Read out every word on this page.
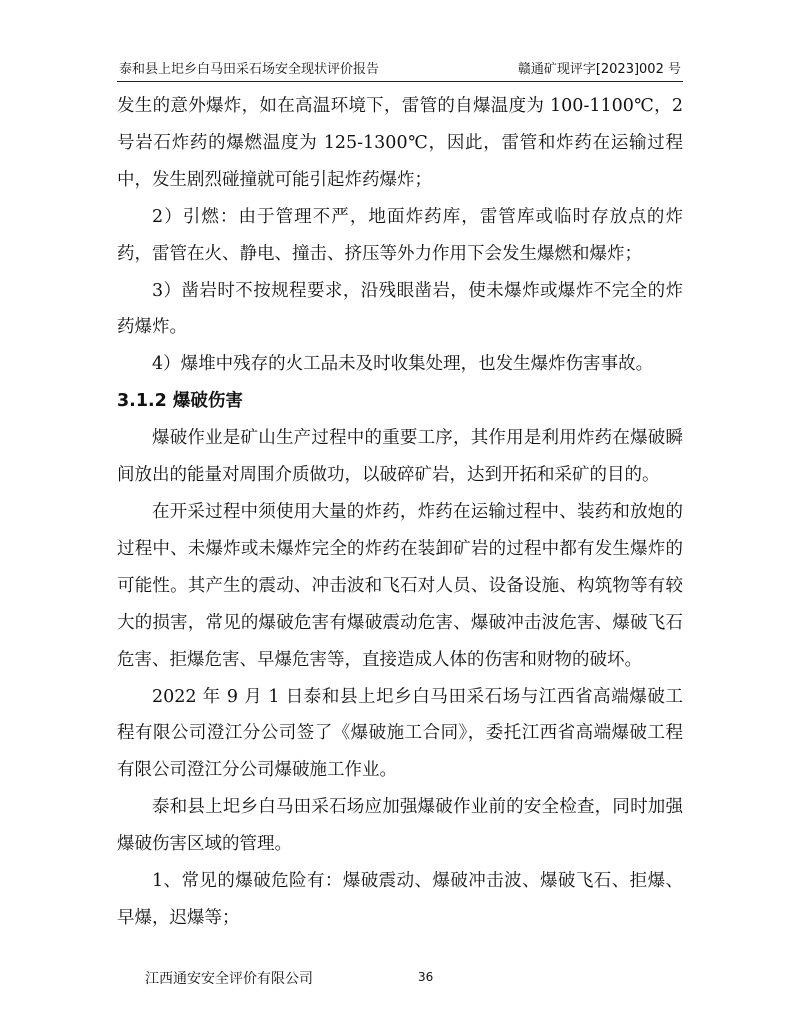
泰和县上圯乡白马田采石场安全现状评价报告	赣通矿现评字[2023]002 号

发生的意外爆炸，如在高温环境下，雷管的自爆温度为 100-1100℃，2 号岩石炸药的爆燃温度为 125-1300℃，因此，雷管和炸药在运输过程中，发生剧烈碰撞就可能引起炸药爆炸；

2）引燃：由于管理不严，地面炸药库，雷管库或临时存放点的炸药，雷管在火、静电、撞击、挤压等外力作用下会发生爆燃和爆炸；

3）凿岩时不按规程要求，沿残眼凿岩，使未爆炸或爆炸不完全的炸药爆炸。

4）爆堆中残存的火工品未及时收集处理，也发生爆炸伤害事故。

3.1.2 爆破伤害

爆破作业是矿山生产过程中的重要工序，其作用是利用炸药在爆破瞬间放出的能量对周围介质做功，以破碎矿岩，达到开拓和采矿的目的。

在开采过程中须使用大量的炸药，炸药在运输过程中、装药和放炮的过程中、未爆炸或未爆炸完全的炸药在装卸矿岩的过程中都有发生爆炸的可能性。其产生的震动、冲击波和飞石对人员、设备设施、构筑物等有较大的损害，常见的爆破危害有爆破震动危害、爆破冲击波危害、爆破飞石危害、拒爆危害、早爆危害等，直接造成人体的伤害和财物的破坏。

2022 年 9 月 1 日泰和县上圯乡白马田采石场与江西省高端爆破工程有限公司澄江分公司签了《爆破施工合同》，委托江西省高端爆破工程有限公司澄江分公司爆破施工作业。

泰和县上圯乡白马田采石场应加强爆破作业前的安全检查，同时加强爆破伤害区域的管理。

1、常见的爆破危险有：爆破震动、爆破冲击波、爆破飞石、拒爆、早爆，迟爆等；

江西通安安全评价有限公司	36
